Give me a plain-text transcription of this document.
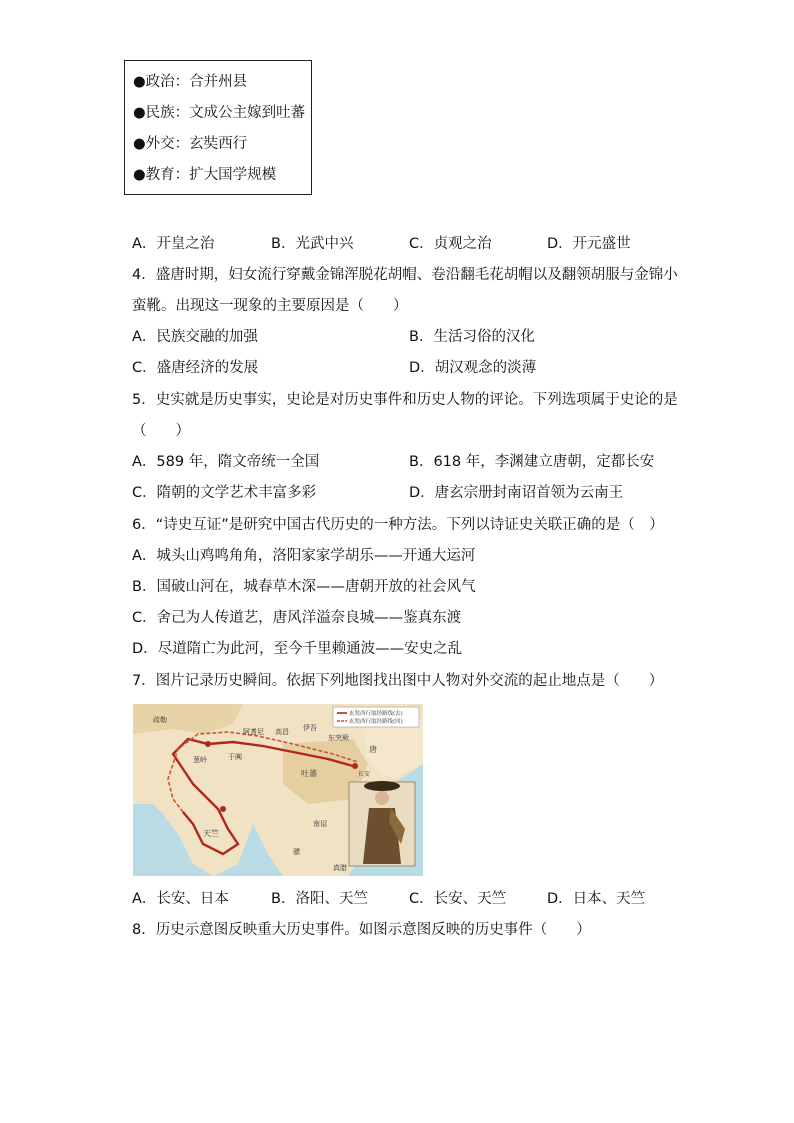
●政治：合并州县
●民族：文成公主嫁到吐蕃
●外交：玄奘西行
●教育：扩大国学规模
A．开皇之治	B．光武中兴	C．贞观之治	D．开元盛世
4．盛唐时期，妇女流行穿戴金锦浑脱花胡帽、卷沿翻毛花胡帽以及翻领胡服与金锦小
蛮靴。出现这一现象的主要原因是（　　）
A．民族交融的加强	B．生活习俗的汉化
C．盛唐经济的发展	D．胡汉观念的淡薄
5．史实就是历史事实，史论是对历史事件和历史人物的评论。下列选项属于史论的是
（　　）
A．589 年，隋文帝统一全国	B．618 年，李渊建立唐朝，定都长安
C．隋朝的文学艺术丰富多彩	D．唐玄宗册封南诏首领为云南王
6．“诗史互证”是研究中国古代历史的一种方法。下列以诗证史关联正确的是（　）
A．城头山鸡鸣角角，洛阳家家学胡乐——开通大运河
B．国破山河在，城春草木深——唐朝开放的社会风气
C．舍己为人传道艺，唐风洋溢奈良城——鉴真东渡
D．尽道隋亡为此河，至今千里赖通波——安史之乱
7．图片记录历史瞬间。依据下列地图找出图中人物对外交流的起止地点是（　　）
玄奘西行取经路线(去)
玄奘西行取经路线(回)
阿耆尼 高昌 伊吾
东突厥
唐
长安
吐蕃
南诏
天竺
骠
真腊
于阗
疏勒
葱岭
A．长安、日本	B．洛阳、天竺	C．长安、天竺	D．日本、天竺
8．历史示意图反映重大历史事件。如图示意图反映的历史事件（　　）
